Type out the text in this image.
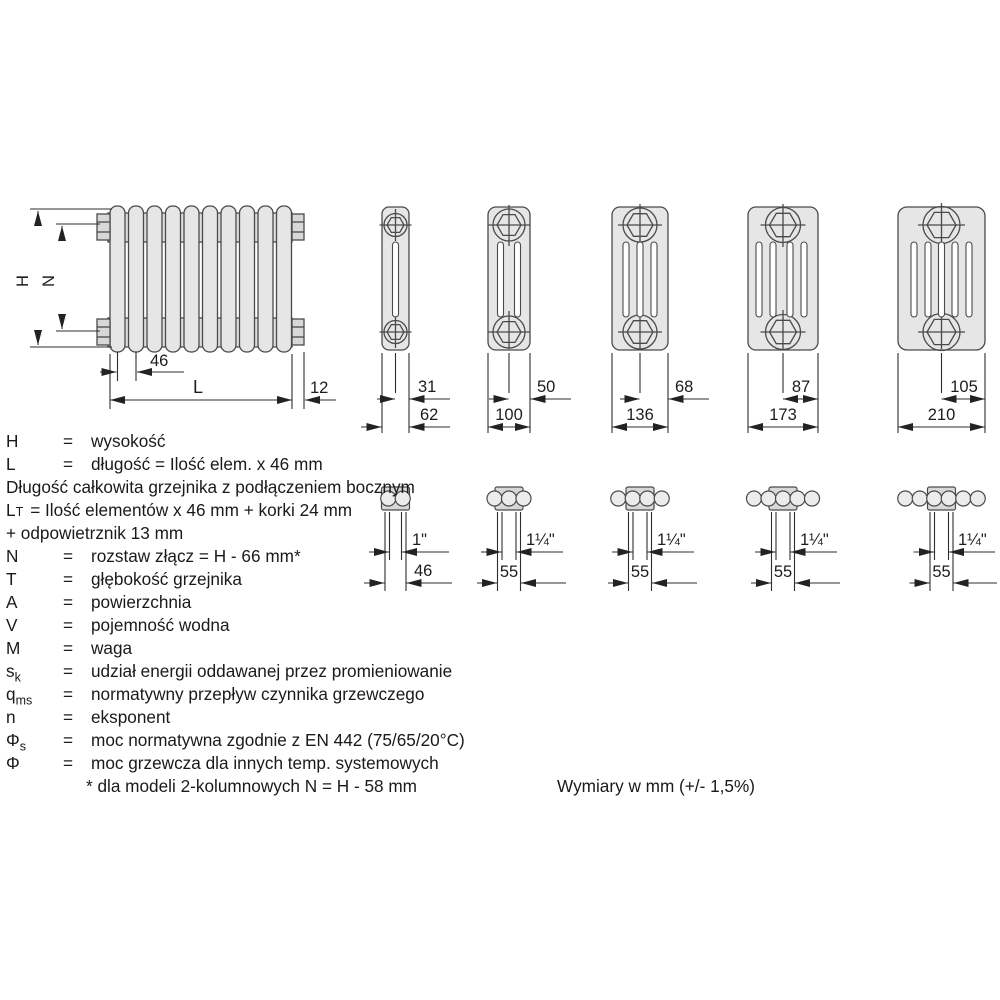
H N
46
L	12	31
62
50
100
68
136
87
173
105
210
1"
46
1¼"
55
1¼"
55
1¼"
55
1¼"
55
H	=	wysokość
L	=	długość = Ilość elem. x 46 mm
Długość całkowita grzejnika z podłączeniem bocznym
L T = Ilość elementów x 46 mm + korki 24 mm
+ odpowietrznik 13 mm
N	=	rozstaw złącz = H - 66 mm*
T	=	głębokość grzejnika
A	=	powierzchnia
V	=	pojemność wodna
M	=	waga
$s_k$	=	udział energii oddawanej przez promieniowanie
$q_{ms}$	=	normatywny przepływ czynnika grzewczego
n	=	eksponent
$\Phi_s$	=	moc normatywna zgodnie z EN 442 (75/65/20°C)
Φ	=	moc grzewcza dla innych temp. systemowych
* dla modeli 2-kolumnowych N = H - 58 mm	Wymiary w mm (+/- 1,5%)
